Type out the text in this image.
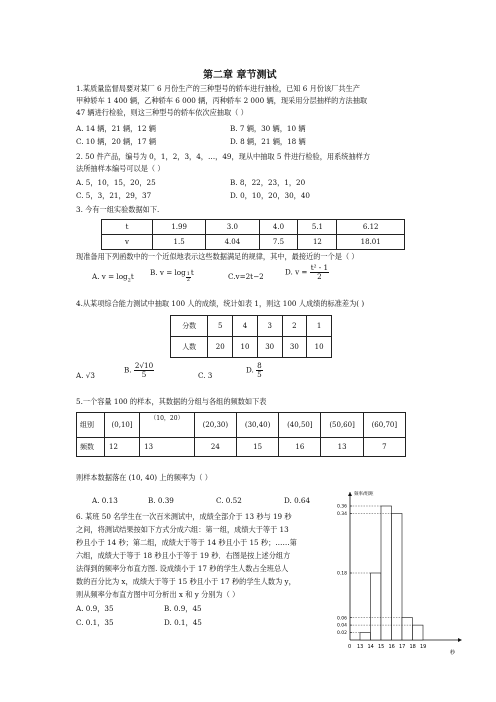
第二章 章节测试
1.某质量监督局要对某厂 6 月份生产的三种型号的轿车进行抽检，已知 6 月份该厂共生产
甲种轿车 1 400 辆，乙种轿车 6 000 辆，丙种轿车 2 000 辆，现采用分层抽样的方法抽取
47 辆进行检验，则这三种型号的轿车依次应抽取（ ）
A. 14 辆，21 辆，12 辆	B. 7 辆，30 辆，10 辆
C. 10 辆，20 辆，17 辆	D. 8 辆，21 辆，18 辆
2. 50 件产品，编号为 0，1，2，3，4，…，49，现从中抽取 5 件进行检验，用系统抽样方
法所抽样本编号可以是（ ）
A. 5，10，15，20，25	B. 8，22，23，1，20
C. 5，3，21，29，37	D. 0，10，20，30，40
3. 今有一组实验数据如下.
t	1.99	3.0	4.0	5.1	6.12
v	1.5	4.04	7.5	12	18.01
现准备用下列函数中的一个近似地表示这些数据满足的规律，其中，最接近的一个是（ ）
A. $v = \log_2t$ B. $v = \log \frac{1}{2}$ t	C.v=2t−2	D. $v = \frac{\text{t² - 1}}{2}$
4.从某项综合能力测试中抽取 100 人的成绩，统计如表 1，则这 100 人成绩的标准差为( )
分数	5	4	3	2	1
人数	20	10	30	30	10
A. √3
B. $\frac{2√10}{5}$	C. 3
D. $\frac{8}{5}$
5.一个容量 100 的样本，其数据的分组与各组的频数如下表
组别	(0,10]	（10，20）	(20,30)	(30,40)	(40,50]	(50,60]	(60,70]
频数	12	13	24	15	16	13	7
则样本数据落在 (10, 40) 上的频率为（ ）
A. 0.13	B. 0.39	C. 0.52	D. 0.64
6. 某班 50 名学生在一次百米测试中，成绩全部介于 13 秒与 19 秒
之间，将测试结果按如下方式分成六组：第一组，成绩大于等于 13
秒且小于 14 秒；第二组，成绩大于等于 14 秒且小于 15 秒；……第
六组，成绩大于等于 18 秒且小于等于 19 秒．右图是按上述分组方
法得到的频率分布直方图. 设成绩小于 17 秒的学生人数占全班总人
数的百分比为 x，成绩大于等于 15 秒且小于 17 秒的学生人数为 y，
则从频率分布直方图中可分析出 x 和 y 分别为（ ）
A. 0.9，35	B. 0.9，45
C. 0.1，35	D. 0.1，45
频率/组距
秒
0.02
0.04
0.06
0.18
0.34
0.36
0 13 14 15 16 17 18 19
